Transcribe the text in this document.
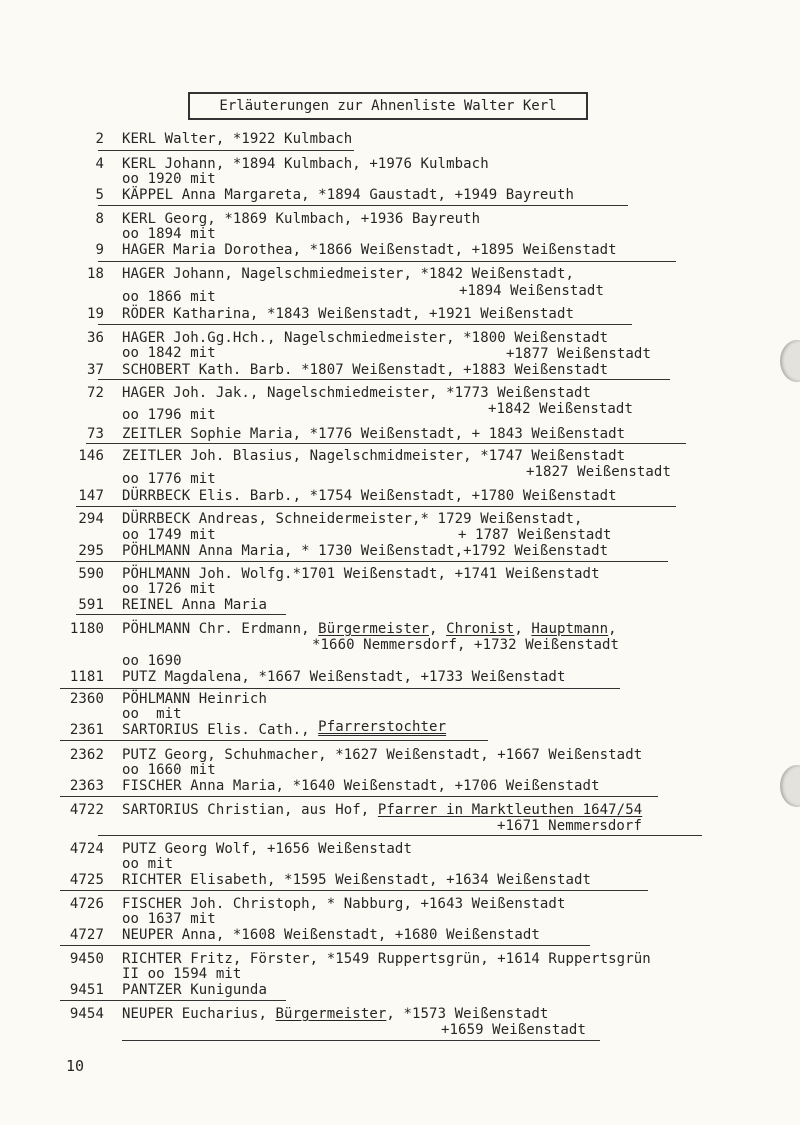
Erläuterungen zur Ahnenliste Walter Kerl
2 KERL Walter, *1922 Kulmbach
4 KERL Johann, *1894 Kulmbach, +1976 Kulmbach
oo 1920 mit
5 KÄPPEL Anna Margareta, *1894 Gaustadt, +1949 Bayreuth
8 KERL Georg, *1869 Kulmbach, +1936 Bayreuth
oo 1894 mit
9 HAGER Maria Dorothea, *1866 Weißenstadt, +1895 Weißenstadt
18 HAGER Johann, Nagelschmiedmeister, *1842 Weißenstadt,
+1894 Weißenstadt
oo 1866 mit
19 RÖDER Katharina, *1843 Weißenstadt, +1921 Weißenstadt
36 HAGER Joh.Gg.Hch., Nagelschmiedmeister, *1800 Weißenstadt
oo 1842 mit	+1877 Weißenstadt
37 SCHOBERT Kath. Barb. *1807 Weißenstadt, +1883 Weißenstadt
72 HAGER Joh. Jak., Nagelschmiedmeister, *1773 Weißenstadt
+1842 Weißenstadt
oo 1796 mit
73 ZEITLER Sophie Maria, *1776 Weißenstadt, + 1843 Weißenstadt
146 ZEITLER Joh. Blasius, Nagelschmidmeister, *1747 Weißenstadt
+1827 Weißenstadt
oo 1776 mit
147 DÜRRBECK Elis. Barb., *1754 Weißenstadt, +1780 Weißenstadt
294 DÜRRBECK Andreas, Schneidermeister,* 1729 Weißenstadt,
oo 1749 mit	+ 1787 Weißenstadt
295 PÖHLMANN Anna Maria, * 1730 Weißenstadt,+1792 Weißenstadt
590 PÖHLMANN Joh. Wolfg.*1701 Weißenstadt, +1741 Weißenstadt
oo 1726 mit
591 REINEL Anna Maria
1180 PÖHLMANN Chr. Erdmann, Bürgermeister, Chronist, Hauptmann,
*1660 Nemmersdorf, +1732 Weißenstadt
oo 1690
1181 PUTZ Magdalena, *1667 Weißenstadt, +1733 Weißenstadt
2360 PÖHLMANN Heinrich
oo  mit
2361 SARTORIUS Elis. Cath., Pfarrerstochter
2362 PUTZ Georg, Schuhmacher, *1627 Weißenstadt, +1667 Weißenstadt
oo 1660 mit
2363 FISCHER Anna Maria, *1640 Weißenstadt, +1706 Weißenstadt
4722 SARTORIUS Christian, aus Hof, Pfarrer in Marktleuthen 1647/54
+1671 Nemmersdorf
4724 PUTZ Georg Wolf, +1656 Weißenstadt
oo mit
4725 RICHTER Elisabeth, *1595 Weißenstadt, +1634 Weißenstadt
4726 FISCHER Joh. Christoph, * Nabburg, +1643 Weißenstadt
oo 1637 mit
4727 NEUPER Anna, *1608 Weißenstadt, +1680 Weißenstadt
9450 RICHTER Fritz, Förster, *1549 Ruppertsgrün, +1614 Ruppertsgrün
II oo 1594 mit
9451 PANTZER Kunigunda
9454 NEUPER Eucharius, Bürgermeister, *1573 Weißenstadt
+1659 Weißenstadt
10
